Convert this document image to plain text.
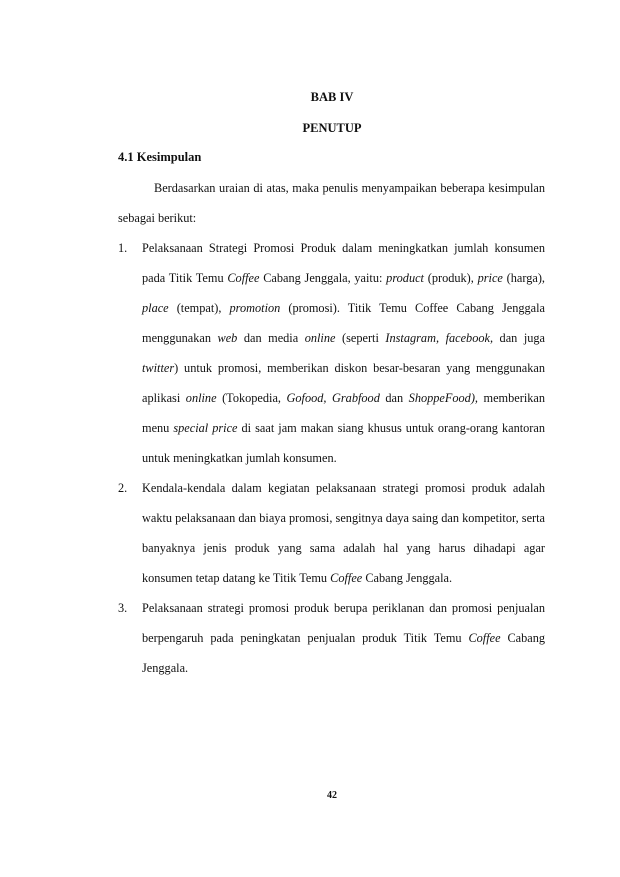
BAB IV
PENUTUP
4.1 Kesimpulan

Berdasarkan uraian di atas, maka penulis menyampaikan beberapa kesimpulan sebagai berikut:

1. Pelaksanaan Strategi Promosi Produk dalam meningkatkan jumlah konsumen pada Titik Temu Coffee Cabang Jenggala, yaitu: product (produk), price (harga), place (tempat), promotion (promosi). Titik Temu Coffee Cabang Jenggala menggunakan web dan media online (seperti Instagram, facebook, dan juga twitter) untuk promosi, memberikan diskon besar-besaran yang menggunakan aplikasi online (Tokopedia, Gofood, Grabfood dan ShoppeFood), memberikan menu special price di saat jam makan siang khusus untuk orang-orang kantoran untuk meningkatkan jumlah konsumen.
2. Kendala-kendala dalam kegiatan pelaksanaan strategi promosi produk adalah waktu pelaksanaan dan biaya promosi, sengitnya daya saing dan kompetitor, serta banyaknya jenis produk yang sama adalah hal yang harus dihadapi agar konsumen tetap datang ke Titik Temu Coffee Cabang Jenggala.
3. Pelaksanaan strategi promosi produk berupa periklanan dan promosi penjualan berpengaruh pada peningkatan penjualan produk Titik Temu Coffee Cabang Jenggala.

42
